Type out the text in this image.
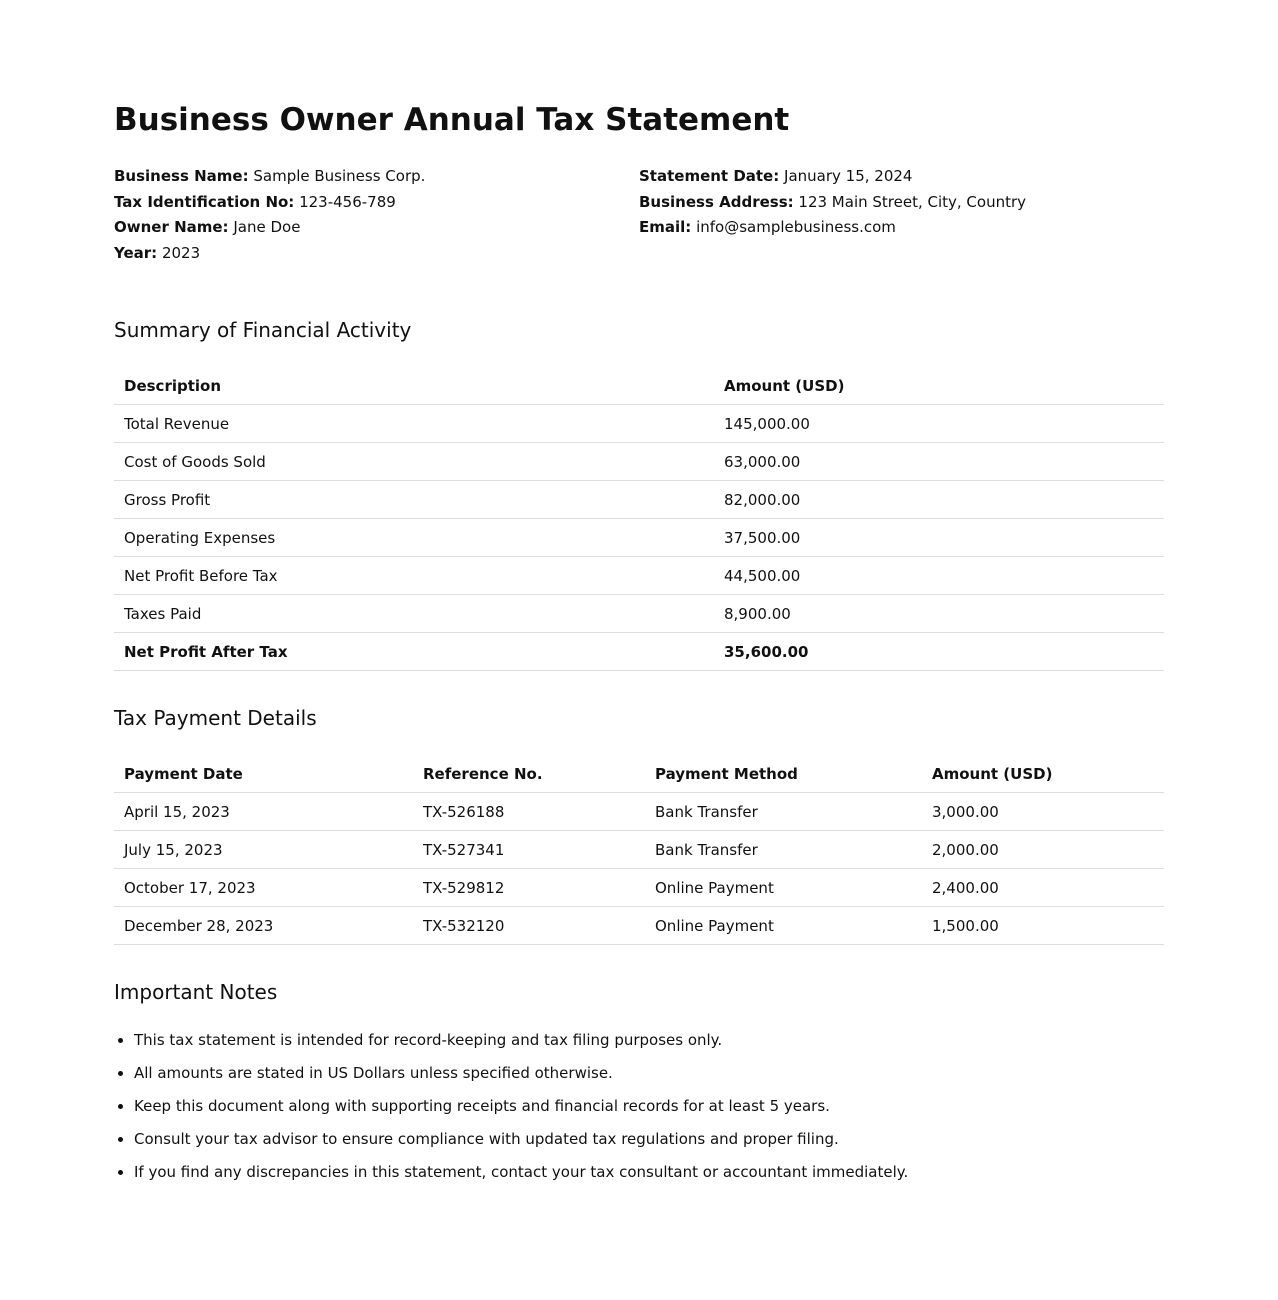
Business Owner Annual Tax Statement
Business Name: Sample Business Corp.
Tax Identification No: 123-456-789
Owner Name: Jane Doe
Year: 2023
Statement Date: January 15, 2024
Business Address: 123 Main Street, City, Country
Email: info@samplebusiness.com
Summary of Financial Activity
Description	Amount (USD)
Total Revenue	145,000.00
Cost of Goods Sold	63,000.00
Gross Profit	82,000.00
Operating Expenses	37,500.00
Net Profit Before Tax	44,500.00
Taxes Paid	8,900.00
Net Profit After Tax	35,600.00
Tax Payment Details
Payment Date	Reference No.	Payment Method	Amount (USD)
April 15, 2023	TX-526188	Bank Transfer	3,000.00
July 15, 2023	TX-527341	Bank Transfer	2,000.00
October 17, 2023	TX-529812	Online Payment	2,400.00
December 28, 2023	TX-532120	Online Payment	1,500.00
Important Notes
• This tax statement is intended for record-keeping and tax filing purposes only.
• All amounts are stated in US Dollars unless specified otherwise.
• Keep this document along with supporting receipts and financial records for at least 5 years.
• Consult your tax advisor to ensure compliance with updated tax regulations and proper filing.
• If you find any discrepancies in this statement, contact your tax consultant or accountant immediately.
